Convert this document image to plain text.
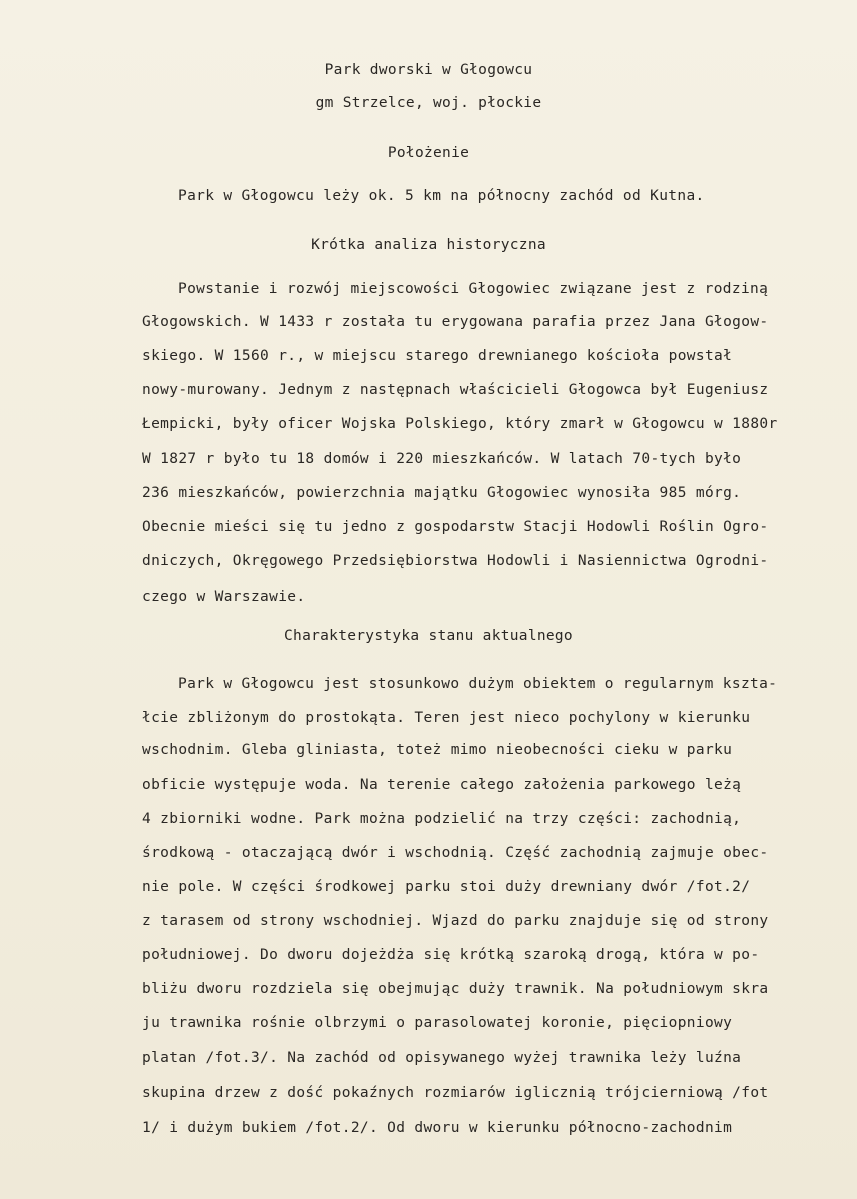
Park dworski w Głogowcu
gm Strzelce, woj. płockie
Położenie
Park w Głogowcu leży ok. 5 km na północny zachód od Kutna.
Krótka analiza historyczna
Powstanie i rozwój miejscowości Głogowiec związane jest z rodziną
Głogowskich. W 1433 r została tu erygowana parafia przez Jana Głogow-
skiego. W 1560 r., w miejscu starego drewnianego kościoła powstał
nowy-murowany. Jednym z następnach właścicieli Głogowca był Eugeniusz
Łempicki, były oficer Wojska Polskiego, który zmarł w Głogowcu w 1880r
W 1827 r było tu 18 domów i 220 mieszkańców. W latach 70-tych było
236 mieszkańców, powierzchnia majątku Głogowiec wynosiła 985 mórg.
Obecnie mieści się tu jedno z gospodarstw Stacji Hodowli Roślin Ogro-
dniczych, Okręgowego Przedsiębiorstwa Hodowli i Nasiennictwa Ogrodni-
czego w Warszawie.
Charakterystyka stanu aktualnego
Park w Głogowcu jest stosunkowo dużym obiektem o regularnym kszta-
łcie zbliżonym do prostokąta. Teren jest nieco pochylony w kierunku
wschodnim. Gleba gliniasta, toteż mimo nieobecności cieku w parku
obficie występuje woda. Na terenie całego założenia parkowego leżą
4 zbiorniki wodne. Park można podzielić na trzy części: zachodnią,
środkową - otaczającą dwór i wschodnią. Część zachodnią zajmuje obec-
nie pole. W części środkowej parku stoi duży drewniany dwór /fot.2/
z tarasem od strony wschodniej. Wjazd do parku znajduje się od strony
południowej. Do dworu dojeżdża się krótką szaroką drogą, która w po-
bliżu dworu rozdziela się obejmując duży trawnik. Na południowym skra
ju trawnika rośnie olbrzymi o parasolowatej koronie, pięciopniowy
platan /fot.3/. Na zachód od opisywanego wyżej trawnika leży luźna
skupina drzew z dość pokaźnych rozmiarów iglicznią trójcierniową /fot
1/ i dużym bukiem /fot.2/. Od dworu w kierunku północno-zachodnim
